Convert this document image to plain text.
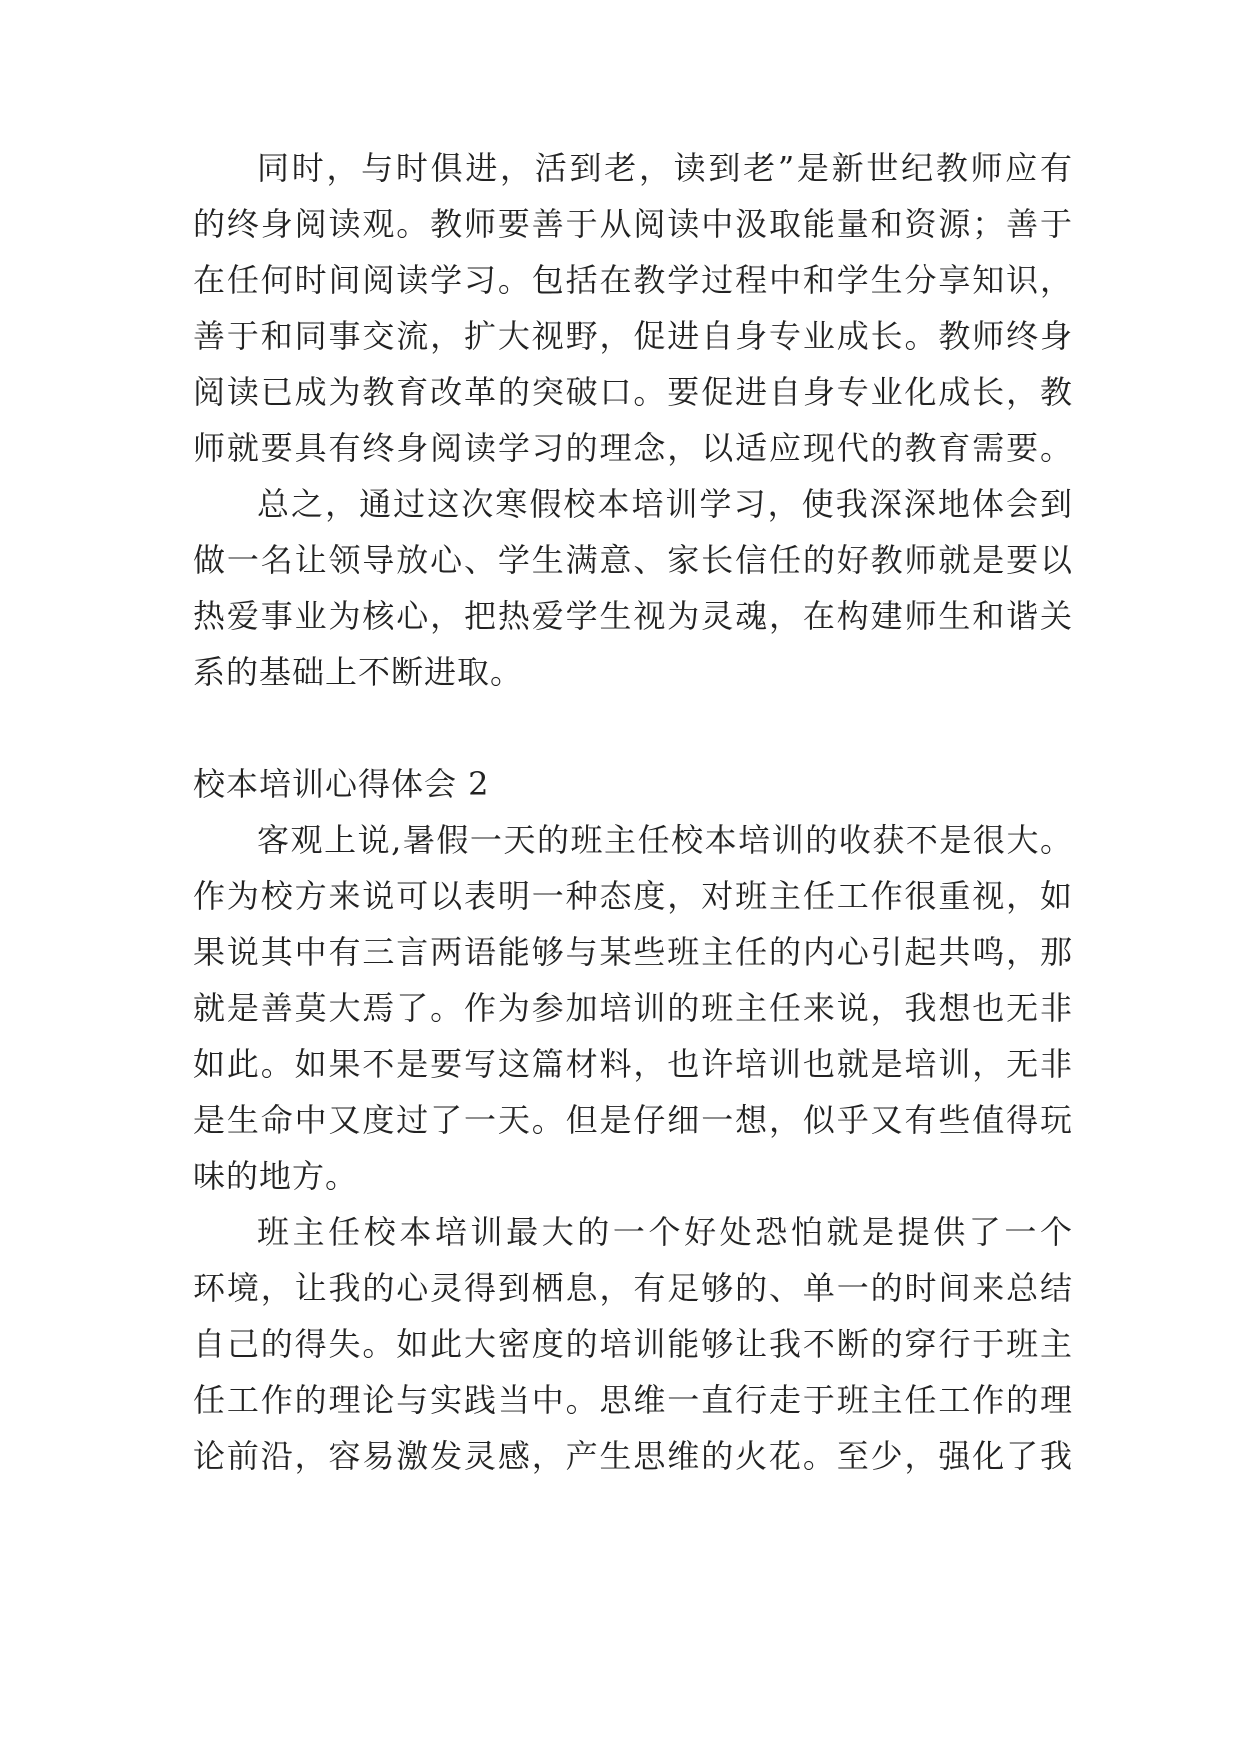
同时，与时俱进，活到老，读到老”是新世纪教师应有
的终身阅读观。教师要善于从阅读中汲取能量和资源；善于
在任何时间阅读学习。包括在教学过程中和学生分享知识，
善于和同事交流，扩大视野，促进自身专业成长。教师终身
阅读已成为教育改革的突破口。要促进自身专业化成长，教
师就要具有终身阅读学习的理念，以适应现代的教育需要。
总之，通过这次寒假校本培训学习，使我深深地体会到
做一名让领导放心、学生满意、家长信任的好教师就是要以
热爱事业为核心，把热爱学生视为灵魂，在构建师生和谐关
系的基础上不断进取。
校本培训心得体会 2
客观上说,暑假一天的班主任校本培训的收获不是很大。
作为校方来说可以表明一种态度，对班主任工作很重视，如
果说其中有三言两语能够与某些班主任的内心引起共鸣，那
就是善莫大焉了。作为参加培训的班主任来说，我想也无非
如此。如果不是要写这篇材料，也许培训也就是培训，无非
是生命中又度过了一天。但是仔细一想，似乎又有些值得玩
味的地方。
班主任校本培训最大的一个好处恐怕就是提供了一个
环境，让我的心灵得到栖息，有足够的、单一的时间来总结
自己的得失。如此大密度的培训能够让我不断的穿行于班主
任工作的理论与实践当中。思维一直行走于班主任工作的理
论前沿，容易激发灵感，产生思维的火花。至少，强化了我
